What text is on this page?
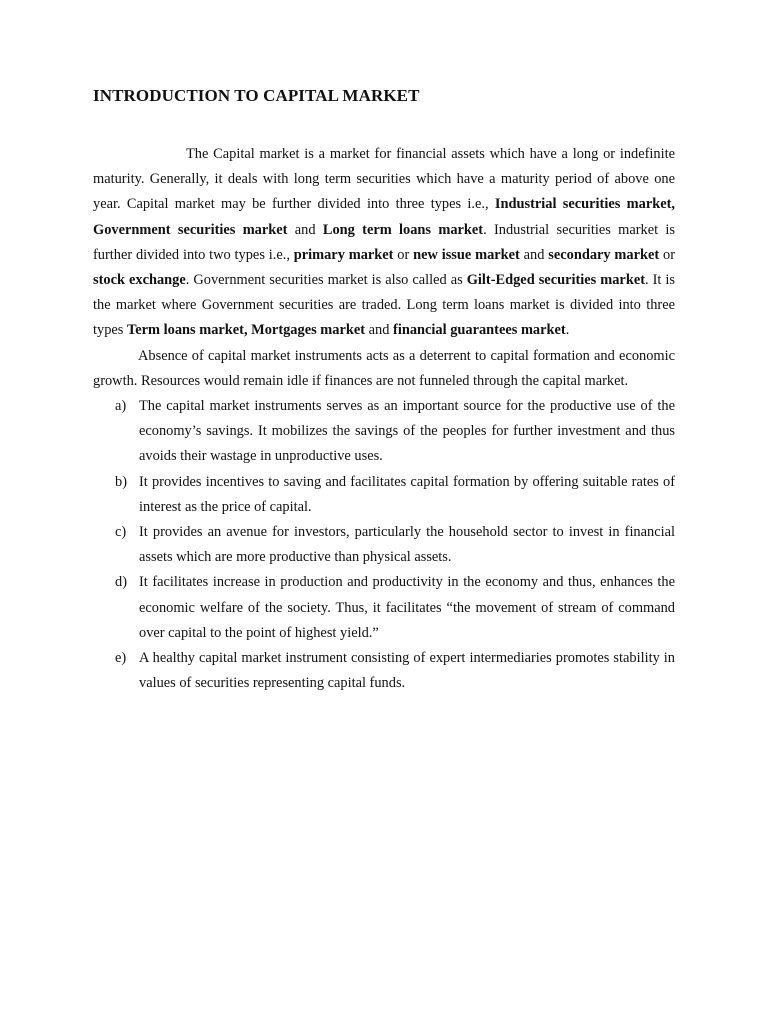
INTRODUCTION TO CAPITAL MARKET

The Capital market is a market for financial assets which have a long or indefinite maturity. Generally, it deals with long term securities which have a maturity period of above one year. Capital market may be further divided into three types i.e., Industrial securities market, Government securities market and Long term loans market. Industrial securities market is further divided into two types i.e., primary market or new issue market and secondary market or stock exchange. Government securities market is also called as Gilt-Edged securities market. It is the market where Government securities are traded. Long term loans market is divided into three types Term loans market, Mortgages market and financial guarantees market.

Absence of capital market instruments acts as a deterrent to capital formation and economic growth. Resources would remain idle if finances are not funneled through the capital market.

a) The capital market instruments serves as an important source for the productive use of the economy’s savings. It mobilizes the savings of the peoples for further investment and thus avoids their wastage in unproductive uses.
b) It provides incentives to saving and facilitates capital formation by offering suitable rates of interest as the price of capital.
c) It provides an avenue for investors, particularly the household sector to invest in financial assets which are more productive than physical assets.
d) It facilitates increase in production and productivity in the economy and thus, enhances the economic welfare of the society. Thus, it facilitates “the movement of stream of command over capital to the point of highest yield.”
e) A healthy capital market instrument consisting of expert intermediaries promotes stability in values of securities representing capital funds.
